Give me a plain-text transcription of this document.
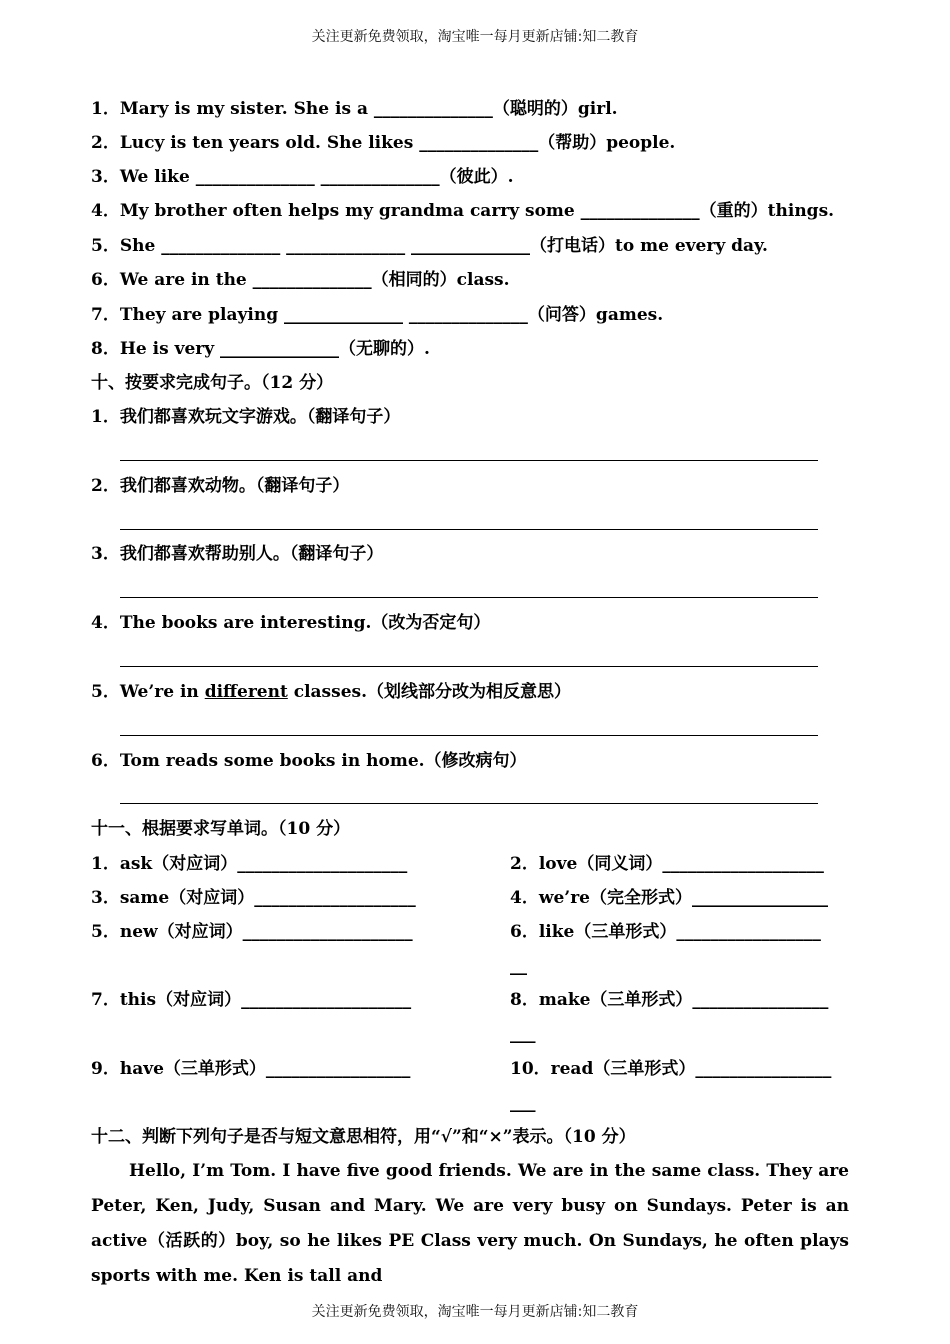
关注更新免费领取，淘宝唯一每月更新店铺:知二教育
1．Mary is my sister. She is a ______________（聪明的）girl.
2．Lucy is ten years old. She likes ______________（帮助）people.
3．We like ______________ ______________（彼此）.
4．My brother often helps my grandma carry some ______________（重的）things.
5．She ______________ ______________ ______________（打电话）to me every day.
6．We are in the ______________（相同的）class.
7．They are playing ______________ ______________（问答）games.
8．He is very ______________（无聊的）.
十、按要求完成句子。（12 分）
1．我们都喜欢玩文字游戏。（翻译句子）
2．我们都喜欢动物。（翻译句子）
3．我们都喜欢帮助别人。（翻译句子）
4．The books are interesting.（改为否定句）
5．We’re in different classes.（划线部分改为相反意思）
6．Tom reads some books in home.（修改病句）
十一、根据要求写单词。（10 分）
1．ask（对应词）____________________	2．love（同义词）___________________
3．same（对应词）___________________	4．we’re（完全形式）________________
5．new（对应词）____________________	6．like（三单形式）_________________
__
7．this（对应词）____________________	8．make（三单形式）________________
___
9．have（三单形式）_________________	10．read（三单形式）________________
___
十二、判断下列句子是否与短文意思相符，用“√”和“×”表示。（10 分）
Hello, I’m Tom. I have five good friends. We are in the same class. They are Peter, Ken, Judy, Susan and Mary. We are very busy on Sundays. Peter is an active（活跃的）boy, so he likes PE Class very much. On Sundays, he often plays sports with me. Ken is tall and
关注更新免费领取，淘宝唯一每月更新店铺:知二教育
